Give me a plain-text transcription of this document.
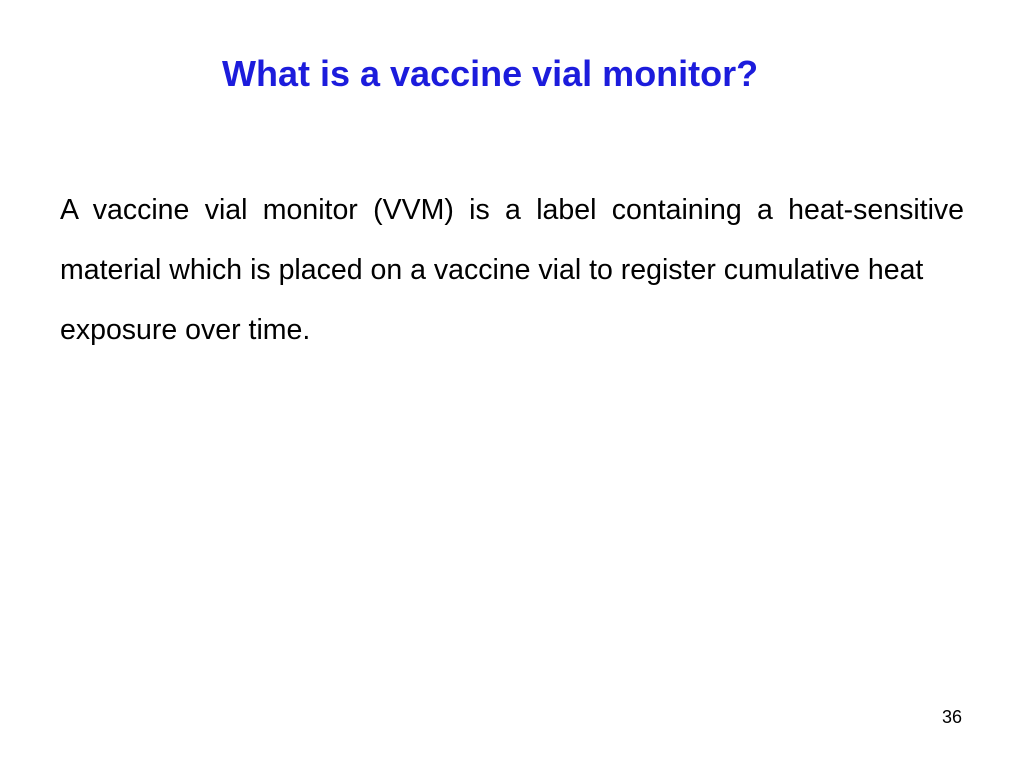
What is a vaccine vial monitor?

A vaccine vial monitor (VVM) is a label containing a heat-sensitive material which is placed on a vaccine vial to register cumulative heat

exposure over time.

36
